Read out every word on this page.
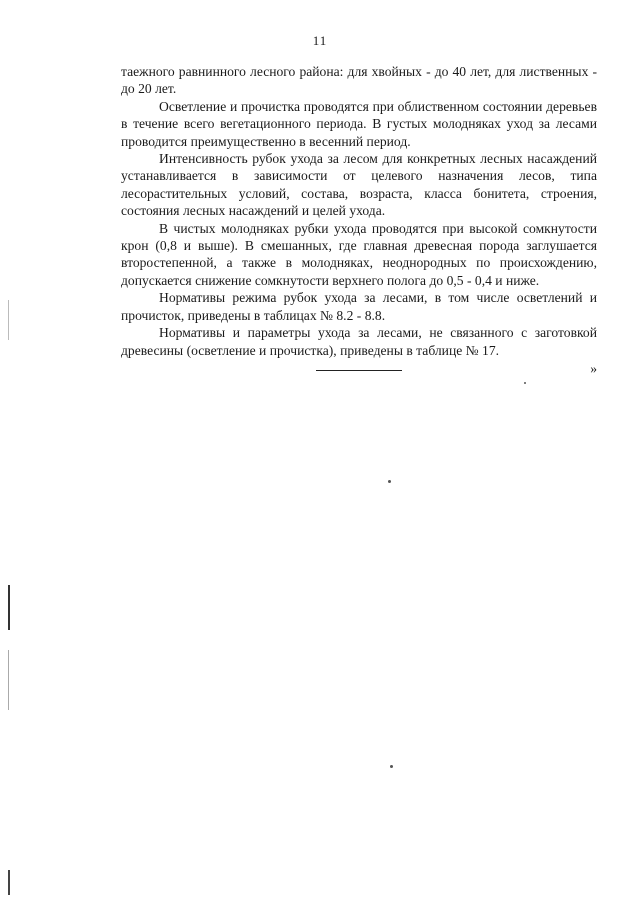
11

таежного равнинного лесного района: для хвойных - до 40 лет, для лиственных - до 20 лет.

Осветление и прочистка проводятся при облиственном состоянии деревьев в течение всего вегетационного периода. В густых молодняках уход за лесами проводится преимущественно в весенний период.

Интенсивность рубок ухода за лесом для конкретных лесных насаждений устанавливается в зависимости от целевого назначения лесов, типа лесорастительных условий, состава, возраста, класса бонитета, строения, состояния лесных насаждений и целей ухода.

В чистых молодняках рубки ухода проводятся при высокой сомкнутости крон (0,8 и выше). В смешанных, где главная древесная порода заглушается второстепенной, а также в молодняках, неоднородных по происхождению, допускается снижение сомкнутости верхнего полога до 0,5 - 0,4 и ниже.

Нормативы режима рубок ухода за лесами, в том числе осветлений и прочисток, приведены в таблицах № 8.2 - 8.8.

Нормативы и параметры ухода за лесами, не связанного с заготовкой древесины (осветление и прочистка), приведены в таблице № 17.

»
